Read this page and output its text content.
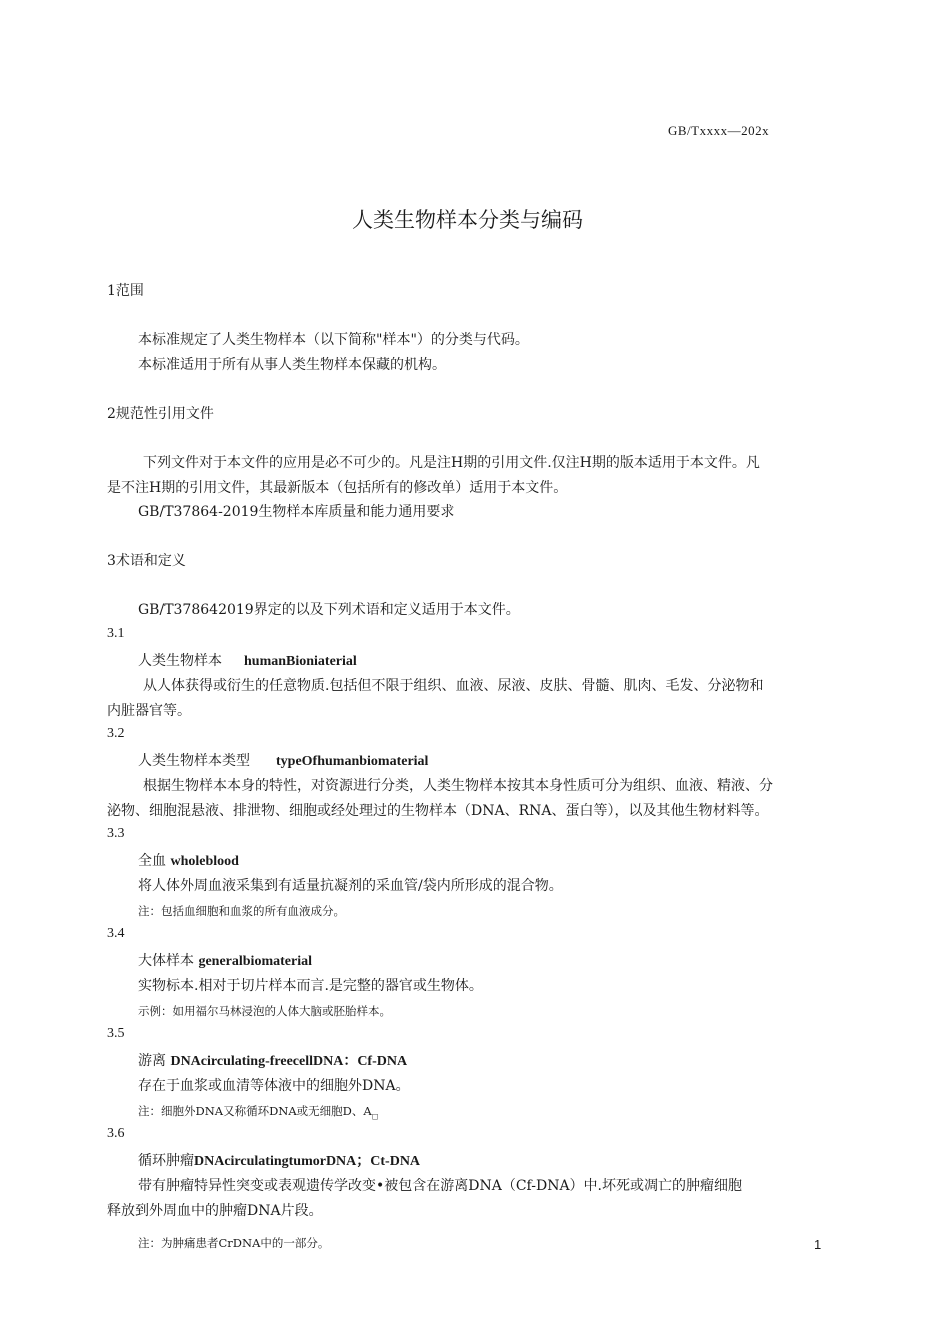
GB/Txxxx—202x
人类生物样本分类与编码
1范围
本标准规定了人类生物样本（以下简称"样本"）的分类与代码。
本标准适用于所有从事人类生物样本保藏的机构。
2规范性引用文件
下列文件对于本文件的应用是必不可少的。凡是注H期的引用文件.仅注H期的版本适用于本文件。凡
是不注H期的引用文件，其最新版本（包括所有的修改单）适用于本文件。
GB/T37864-2019生物样本库质量和能力通用要求
3术语和定义
GB/T378642019界定的以及下列术语和定义适用于本文件。
3.1
人类生物样本 humanBioniaterial
从人体获得或衍生的任意物质.包括但不限于组织、血液、尿液、皮肤、骨髓、肌肉、毛发、分泌物和
内脏器官等。
3.2
人类生物样本类型 typeOfhumanbiomaterial
根据生物样本本身的特性，对资源进行分类，人类生物样本按其本身性质可分为组织、血液、精液、分
泌物、细胞混悬液、排泄物、细胞或经处理过的生物样本（DNA、RNA、蛋白等），以及其他生物材料等。
3.3
全血 wholeblood
将人体外周血液采集到有适量抗凝剂的采血管/袋内所形成的混合物。
注：包括血细胞和血浆的所有血液成分。
3.4
大体样本 generalbiomaterial
实物标本.相对于切片样本而言.是完整的器官或生物体。
示例：如用福尔马林浸泡的人体大脑或胚胎样本。
3.5
游离 DNAcirculating-freecellDNA：Cf-DNA
存在于血浆或血清等体液中的细胞外DNA。
注：细胞外DNA又称循环DNA或无细胞D、$A_□$
3.6
循环肿瘤DNAcirculatingtumorDNA；Ct-DNA
带有肿瘤特异性突变或表观遗传学改变•被包含在游离DNA（Cf-DNA）中.坏死或凋亡的肿瘤细胞
释放到外周血中的肿瘤DNA片段。
注：为肿痛患者CrDNA中的一部分。	1
